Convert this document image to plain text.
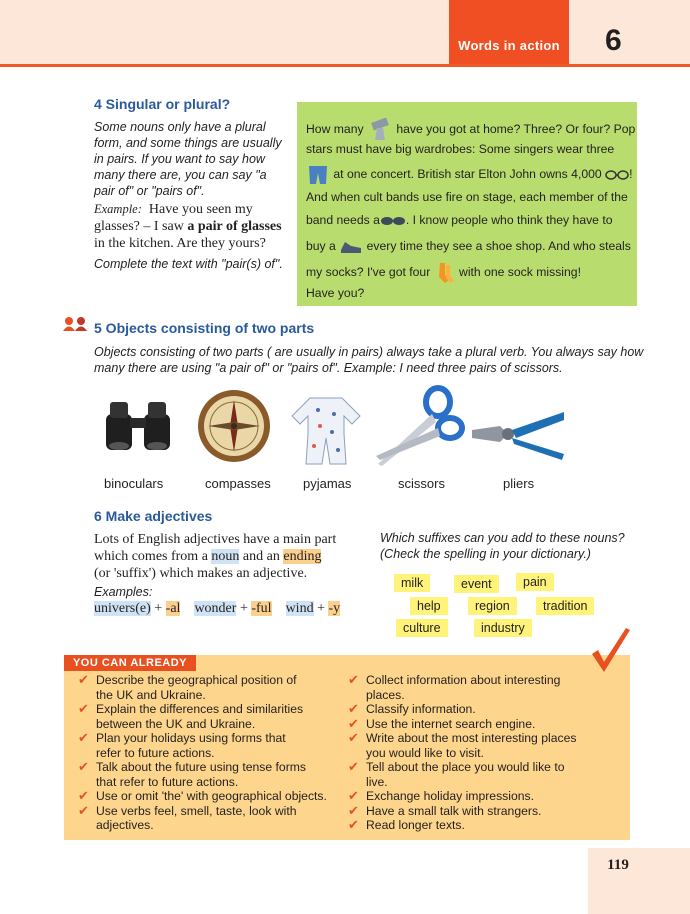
Words in action	6
4 Singular or plural?
Some nouns only have a plural
form, and some things are usually
in pairs. If you want to say how
many there are, you can say "a
pair of" or "pairs of".
Example: Have you seen my
glasses? – I saw a pair of glasses
in the kitchen. Are they yours?
Complete the text with "pair(s) of".
How many	have you got at home? Three? Or four? Pop
stars must have big wardrobes: Some singers wear three
at one concert. British star Elton John owns 4,000 !
And when cult bands use fire on stage, each member of the
band needs a . I know people who think they have to
buy a	every time they see a shoe shop. And who steals
my socks? I've got four with one sock missing!
Have you?
5 Objects consisting of two parts
Objects consisting of two parts ( are usually in pairs) always take a plural verb. You always say how
many there are using "a pair of" or "pairs of". Example: I need three pairs of scissors.
binoculars	compasses pyjamas	scissors	pliers
6 Make adjectives
Lots of English adjectives have a main part
which comes from a noun and an ending
(or 'suffix') which makes an adjective.
Examples:
univers(e) + -al wonder + -ful wind + -y
Which suffixes can you add to these nouns?
(Check the spelling in your dictionary.)
milk	event	pain
help	region	tradition
culture	industry
YOU CAN ALREADY
✔ Describe the geographical position of
the UK and Ukraine.
✔ Explain the differences and similarities
between the UK and Ukraine.
✔ Plan your holidays using forms that
refer to future actions.
✔ Talk about the future using tense forms
that refer to future actions.
✔ Use or omit 'the' with geographical objects.
✔ Use verbs feel, smell, taste, look with
adjectives.
✔ Collect information about interesting
places.
✔ Classify information.
✔ Use the internet search engine.
✔ Write about the most interesting places
you would like to visit.
✔ Tell about the place you would like to
live.
✔ Exchange holiday impressions.
✔ Have a small talk with strangers.
✔ Read longer texts.
119
